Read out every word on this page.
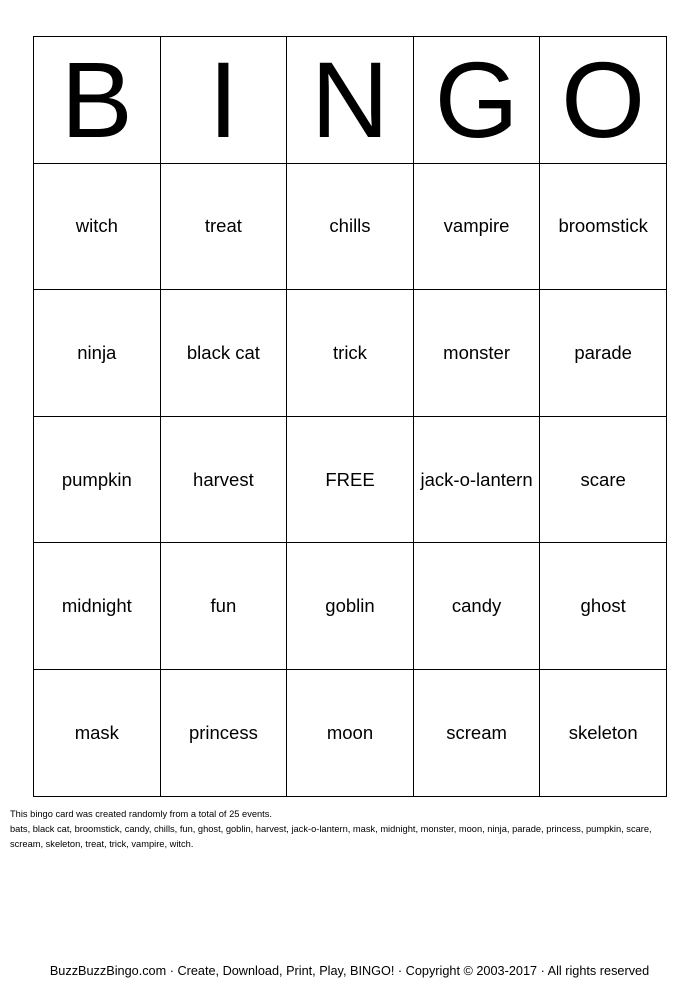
B	I	N	G	O
witch	treat	chills	vampire	broomstick
ninja	black cat	trick	monster	parade
pumpkin	harvest	FREE	jack-o-lantern	scare
midnight	fun	goblin	candy	ghost
mask	princess	moon	scream	skeleton
This bingo card was created randomly from a total of 25 events.
bats, black cat, broomstick, candy, chills, fun, ghost, goblin, harvest, jack-o-lantern, mask, midnight, monster, moon, ninja, parade, princess, pumpkin, scare, scream, skeleton, treat, trick, vampire, witch.
BuzzBuzzBingo.com · Create, Download, Print, Play, BINGO! · Copyright © 2003-2017 · All rights reserved
